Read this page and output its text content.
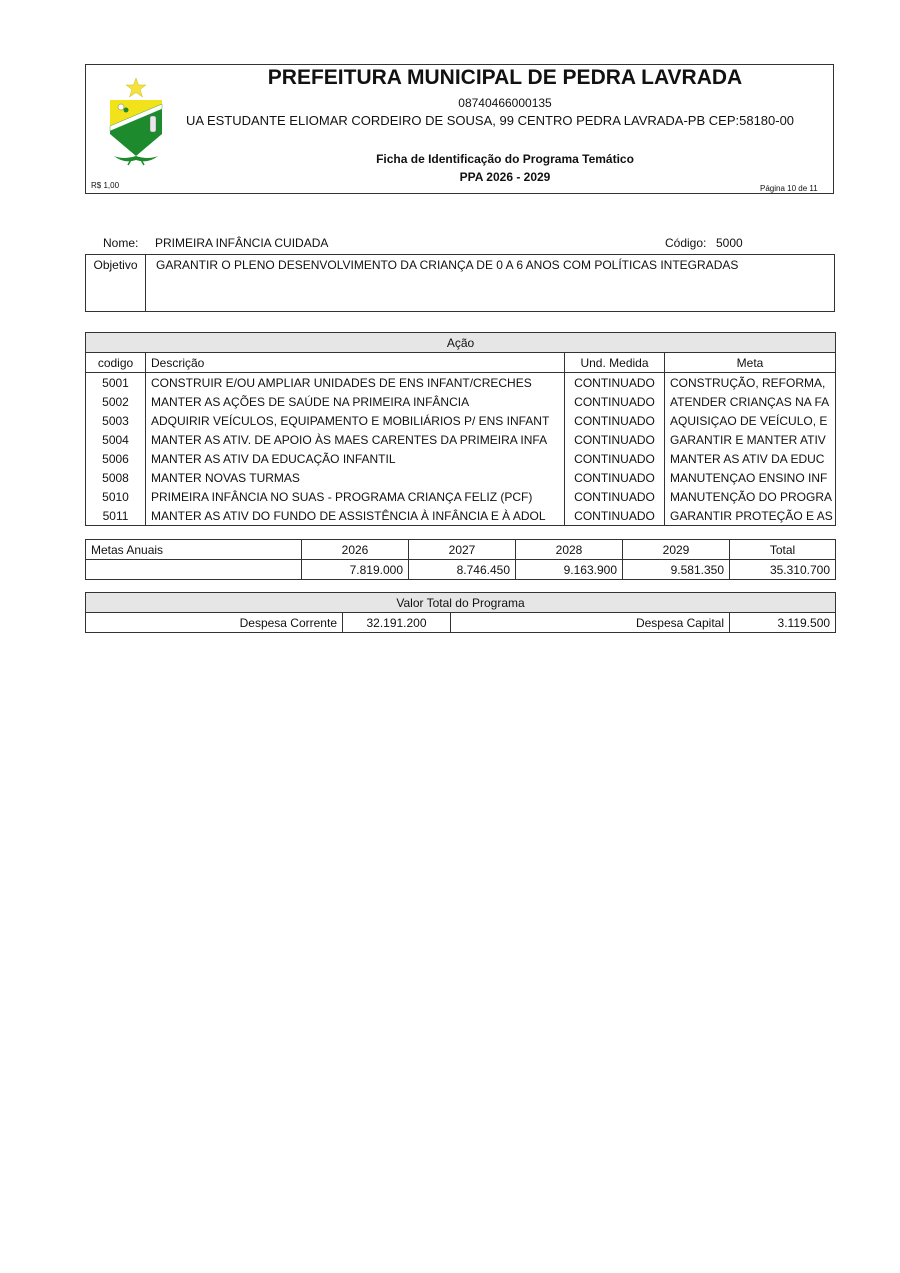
PREFEITURA MUNICIPAL DE PEDRA LAVRADA
08740466000135
UA ESTUDANTE ELIOMAR CORDEIRO DE SOUSA, 99 CENTRO PEDRA LAVRADA-PB CEP:58180-00
Ficha de Identificação do Programa Temático
PPA 2026 - 2029
R$ 1,00	Página 10 de 11
Nome: PRIMEIRA INFÂNCIA CUIDADA	Código: 5000
Objetivo	GARANTIR O PLENO DESENVOLVIMENTO DA CRIANÇA DE 0 A 6 ANOS COM POLÍTICAS INTEGRADAS
Ação			
codigo	Descrição	Und. Medida	Meta
5001	CONSTRUIR E/OU AMPLIAR UNIDADES DE ENS INFANT/CRECHES	CONTINUADO	CONSTRUÇÃO, REFORMA,
5002	MANTER AS AÇÕES DE SAÚDE NA PRIMEIRA INFÂNCIA	CONTINUADO	ATENDER CRIANÇAS NA FA
5003	ADQUIRIR VEÍCULOS, EQUIPAMENTO E MOBILIÁRIOS P/ ENS INFANT	CONTINUADO	AQUISIÇAO DE VEÍCULO, E
5004	MANTER AS ATIV. DE APOIO ÀS MAES CARENTES DA PRIMEIRA INFA	CONTINUADO	GARANTIR E MANTER ATIV
5006	MANTER AS ATIV DA EDUCAÇÃO INFANTIL	CONTINUADO	MANTER AS ATIV DA EDUC
5008	MANTER NOVAS TURMAS	CONTINUADO	MANUTENÇAO ENSINO INF
5010	PRIMEIRA INFÂNCIA NO SUAS - PROGRAMA CRIANÇA FELIZ (PCF)	CONTINUADO	MANUTENÇÃO DO PROGRA
5011	MANTER AS ATIV DO FUNDO DE ASSISTÊNCIA À INFÂNCIA E À ADOL	CONTINUADO	GARANTIR PROTEÇÃO E AS
Metas Anuais	2026	2027	2028	2029	Total
	7.819.000	8.746.450	9.163.900	9.581.350	35.310.700
Valor Total do Programa
Despesa Corrente	32.191.200	Despesa Capital	3.119.500
